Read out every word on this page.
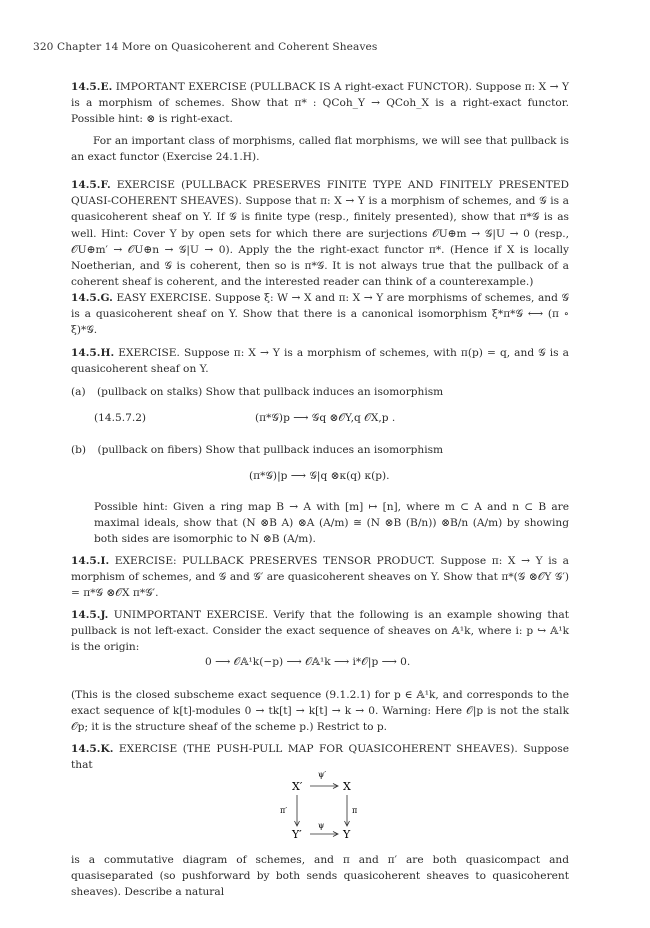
320 Chapter 14 More on Quasicoherent and Coherent Sheaves
14.5.E. IMPORTANT EXERCISE (PULLBACK IS A right-exact FUNCTOR). Suppose π: X → Y is a morphism of schemes. Show that π* : QCoh_Y → QCoh_X is a right-exact functor. Possible hint: ⊗ is right-exact.
For an important class of morphisms, called flat morphisms, we will see that pullback is an exact functor (Exercise 24.1.H).
14.5.F. EXERCISE (PULLBACK PRESERVES FINITE TYPE AND FINITELY PRESENTED QUASI-COHERENT SHEAVES). Suppose that π: X → Y is a morphism of schemes, and 𝒢 is a quasicoherent sheaf on Y. If 𝒢 is finite type (resp., finitely presented), show that π*𝒢 is as well. Hint: Cover Y by open sets for which there are surjections 𝒪U⊕m → 𝒢|U → 0 (resp., 𝒪U⊕m′ → 𝒪U⊕n → 𝒢|U → 0). Apply the the right-exact functor π*. (Hence if X is locally Noetherian, and 𝒢 is coherent, then so is π*𝒢. It is not always true that the pullback of a coherent sheaf is coherent, and the interested reader can think of a counterexample.)
14.5.G. EASY EXERCISE. Suppose ξ: W → X and π: X → Y are morphisms of schemes, and 𝒢 is a quasicoherent sheaf on Y. Show that there is a canonical isomorphism ξ*π*𝒢 ⟷ (π ∘ ξ)*𝒢.
14.5.H. EXERCISE. Suppose π: X → Y is a morphism of schemes, with π(p) = q, and 𝒢 is a quasicoherent sheaf on Y.
(a) (pullback on stalks) Show that pullback induces an isomorphism
(14.5.7.2)	(π*𝒢)p ⟶ 𝒢q ⊗𝒪Y,q 𝒪X,p .
(b) (pullback on fibers) Show that pullback induces an isomorphism
(π*𝒢)|p ⟶ 𝒢|q ⊗κ(q) κ(p).
Possible hint: Given a ring map B → A with [m] ↦ [n], where m ⊂ A and n ⊂ B are maximal ideals, show that (N ⊗B A) ⊗A (A/m) ≅ (N ⊗B (B/n)) ⊗B/n (A/m) by showing both sides are isomorphic to N ⊗B (A/m).
14.5.I. EXERCISE: PULLBACK PRESERVES TENSOR PRODUCT. Suppose π: X → Y is a morphism of schemes, and 𝒢 and 𝒢′ are quasicoherent sheaves on Y. Show that π*(𝒢 ⊗𝒪Y 𝒢′) = π*𝒢 ⊗𝒪X π*𝒢′.
14.5.J. UNIMPORTANT EXERCISE. Verify that the following is an example showing that pullback is not left-exact. Consider the exact sequence of sheaves on 𝔸¹k, where i: p ↪ 𝔸¹k is the origin:
0 ⟶ 𝒪𝔸¹k(−p) ⟶ 𝒪𝔸¹k ⟶ i*𝒪|p ⟶ 0.
(This is the closed subscheme exact sequence (9.1.2.1) for p ∈ 𝔸¹k, and corresponds to the exact sequence of k[t]-modules 0 → tk[t] → k[t] → k → 0. Warning: Here 𝒪|p is not the stalk 𝒪p; it is the structure sheaf of the scheme p.) Restrict to p.
14.5.K. EXERCISE (THE PUSH-PULL MAP FOR QUASICOHERENT SHEAVES). Suppose that
X′	X
Y′	Y
ψ′
ψ
π′	π
is a commutative diagram of schemes, and π and π′ are both quasicompact and quasiseparated (so pushforward by both sends quasicoherent sheaves to quasicoherent sheaves). Describe a natural
